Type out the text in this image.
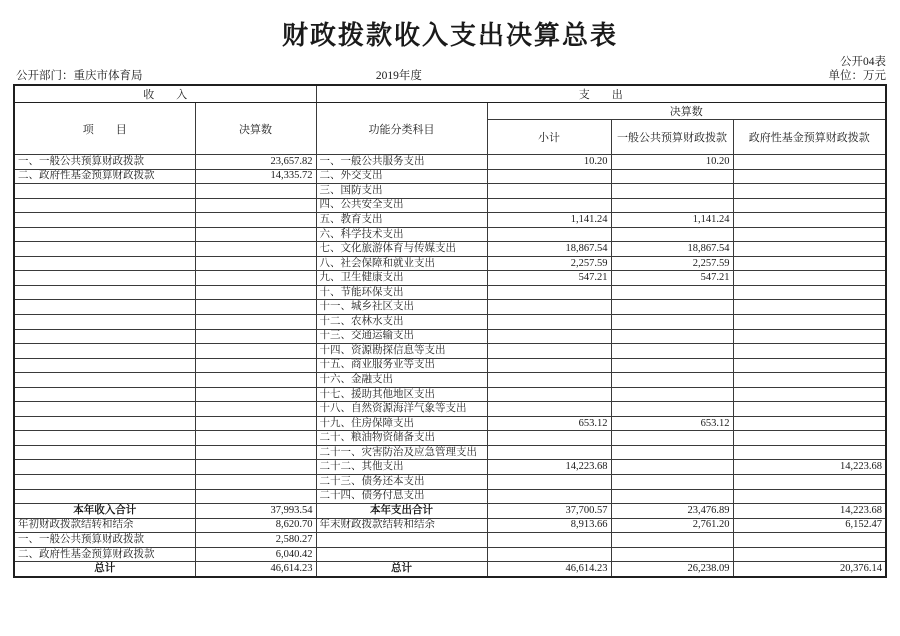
财政拨款收入支出决算总表
公开04表
公开部门：重庆市体育局	2019年度	单位：万元
收　　入		支　　出			
项　　目	决算数	功能分类科目	决算数		
			小计	一般公共预算财政拨款	政府性基金预算财政拨款
一、一般公共预算财政拨款	23,657.82	一、一般公共服务支出	10.20	10.20	
二、政府性基金预算财政拨款	14,335.72	二、外交支出			
		三、国防支出			
		四、公共安全支出			
		五、教育支出	1,141.24	1,141.24	
		六、科学技术支出			
		七、文化旅游体育与传媒支出	18,867.54	18,867.54	
		八、社会保障和就业支出	2,257.59	2,257.59	
		九、卫生健康支出	547.21	547.21	
		十、节能环保支出			
		十一、城乡社区支出			
		十二、农林水支出			
		十三、交通运输支出			
		十四、资源勘探信息等支出			
		十五、商业服务业等支出			
		十六、金融支出			
		十七、援助其他地区支出			
		十八、自然资源海洋气象等支出			
		十九、住房保障支出	653.12	653.12	
		二十、粮油物资储备支出			
		二十一、灾害防治及应急管理支出			
		二十二、其他支出	14,223.68		14,223.68
		二十三、债务还本支出			
		二十四、债务付息支出			
本年收入合计	37,993.54	本年支出合计	37,700.57	23,476.89	14,223.68
年初财政拨款结转和结余	8,620.70	年末财政拨款结转和结余	8,913.66	2,761.20	6,152.47
一、一般公共预算财政拨款	2,580.27				
二、政府性基金预算财政拨款	6,040.42				
总计	46,614.23	总计	46,614.23	26,238.09	20,376.14
